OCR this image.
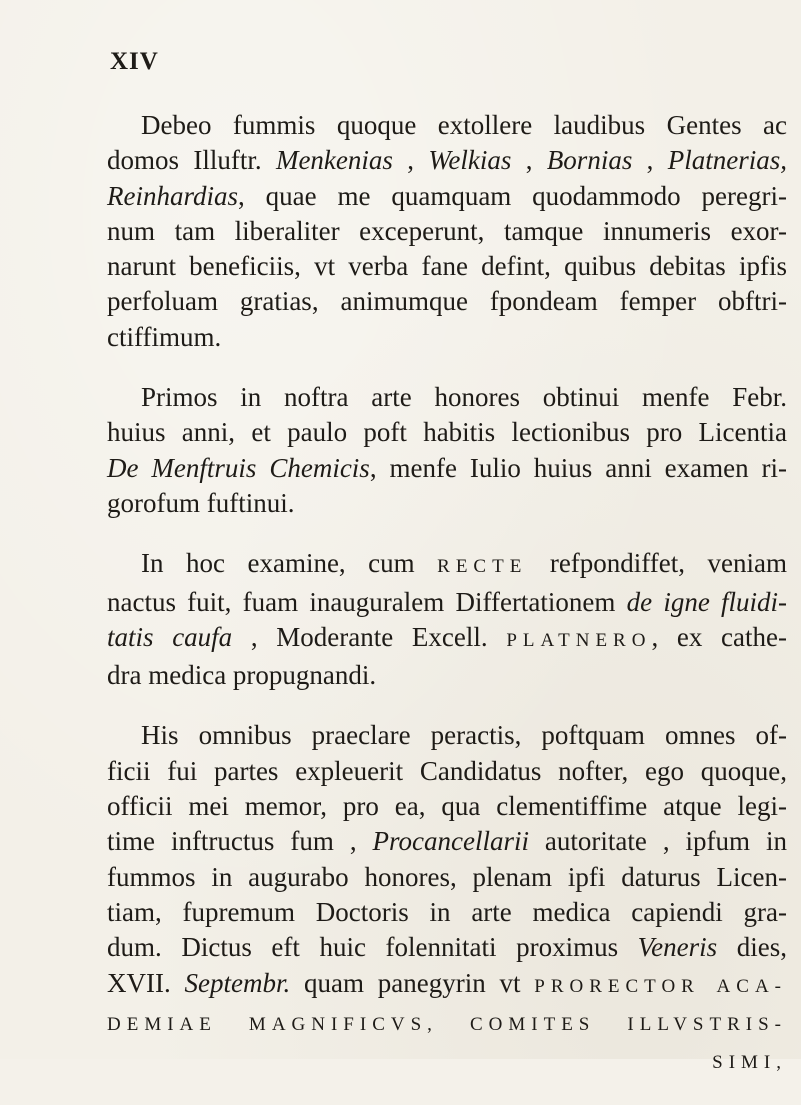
XIV
Debeo fummis quoque extollere laudibus Gentes ac
domos Illuftr. Menkenias , Welkias , Bornias , Platnerias,
Reinhardias, quae me quamquam quodammodo peregri-
num tam liberaliter exceperunt, tamque innumeris exor-
narunt beneficiis, vt verba fane defint, quibus debitas ipfis
perfoluam gratias, animumque fpondeam femper obftri-
ctiffimum.
Primos in noftra arte honores obtinui menfe Febr.
huius anni, et paulo poft habitis lectionibus pro Licentia
De Menftruis Chemicis, menfe Iulio huius anni examen ri-
gorofum fuftinui.
In hoc examine, cum RECTE refpondiffet, veniam
nactus fuit, fuam inauguralem Differtationem de igne fluidi-
tatis caufa , Moderante Excell. PLATNERO, ex cathe-
dra medica propugnandi.
His omnibus praeclare peractis, poftquam omnes of-
ficii fui partes expleuerit Candidatus nofter, ego quoque,
officii mei memor, pro ea, qua clementiffime atque legi-
time inftructus fum , Procancellarii autoritate , ipfum in
fummos in augurabo honores, plenam ipfi daturus Licen-
tiam, fupremum Doctoris in arte medica capiendi gra-
dum. Dictus eft huic folennitati proximus Veneris dies,
XVII. Septembr. quam panegyrin vt PRORECTOR ACA-
DEMIAE MAGNIFICVS, COMITES ILLVSTRIS-
SIMI,
